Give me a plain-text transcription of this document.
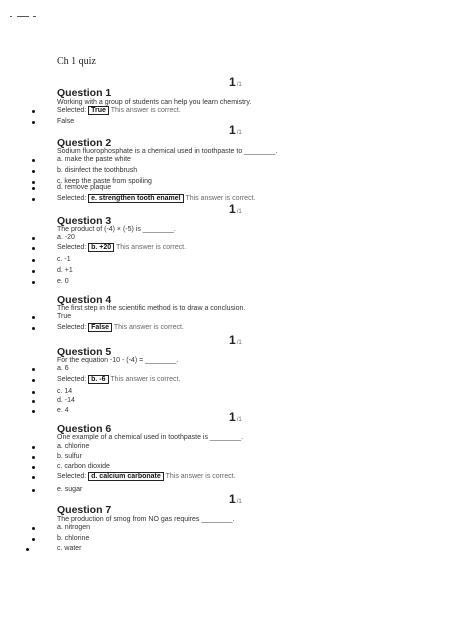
Ch 1 quiz
1/1
Question 1
Working with a group of students can help you learn chemistry.
Selected: True This answer is correct.
False
1/1
Question 2
Sodium fluorophosphate is a chemical used in toothpaste to ________.
a. make the paste white
b. disinfect the toothbrush
c. keep the paste from spoiling
d. remove plaque
Selected: e. strengthen tooth enamel This answer is correct.
1/1
Question 3
The product of (-4) × (-5) is ________.
a. -20
Selected: b. +20 This answer is correct.
c. -1
d. +1
e. 0
Question 4
The first step in the scientific method is to draw a conclusion.
True
Selected: False This answer is correct.
1/1
Question 5
For the equation -10 - (-4) = ________.
a. 6
Selected: b. -6 This answer is correct.
c. 14
d. -14
e. 4	1/1
Question 6
One example of a chemical used in toothpaste is ________.
a. chlorine
b. sulfur
c. carbon dioxide
Selected: d. calcium carbonate This answer is correct.
e. sugar
1/1
Question 7
The production of smog from NO gas requires ________.
a. nitrogen
b. chlorine
c. water
